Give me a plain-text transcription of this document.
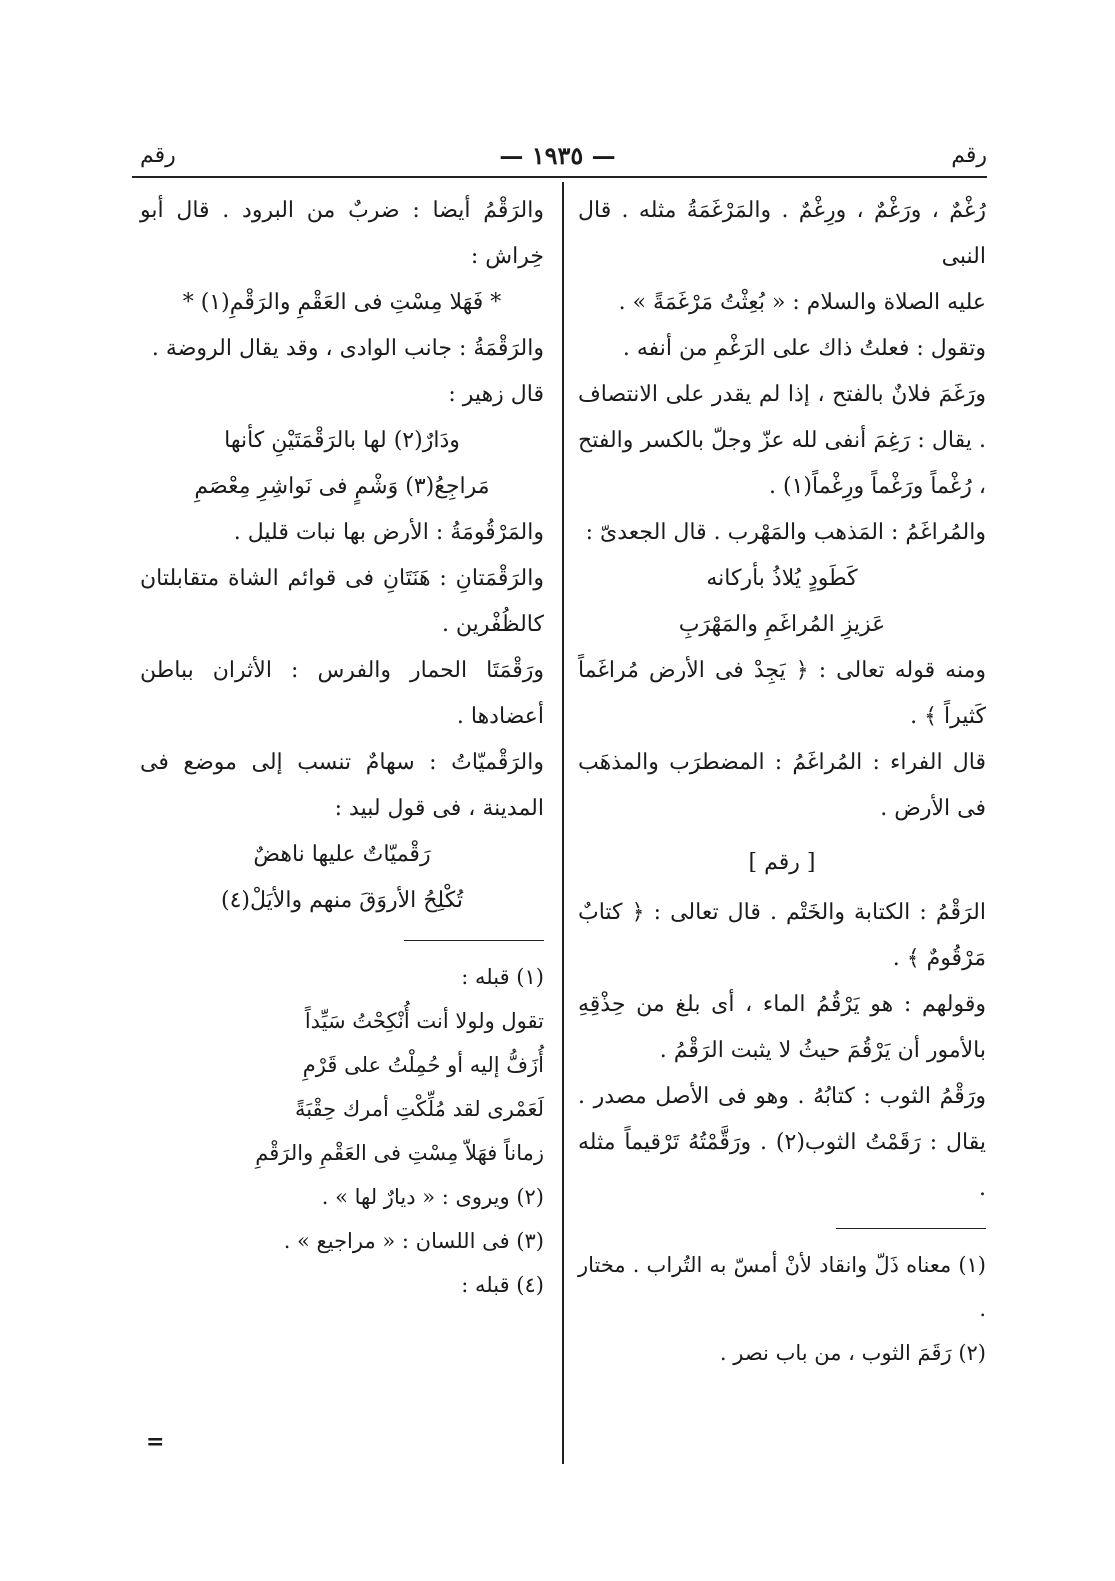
رقم
— ١٩٣٥ —
رقم

رُغْمٌ ، ورَغْمٌ ، ورِغْمٌ . والمَرْغَمَةُ مثله . قال النبى

عليه الصلاة والسلام : « بُعِثْتُ مَرْغَمَةً » .

وتقول : فعلتُ ذاك على الرَغْمِ من أنفه .

ورَغَمَ فلانٌ بالفتح ، إذا لم يقدر على الانتصاف . يقال : رَغِمَ أنفى لله عزّ وجلّ بالكسر والفتح ، رُغْماً ورَغْماً ورِغْماً(١) .

والمُراغَمُ : المَذهب والمَهْرب . قال الجعدىّ :

كَطَودٍ يُلاذُ بأركانه

عَزيزِ المُراغَمِ والمَهْرَبِ

ومنه قوله تعالى : ﴿ يَجِدْ فى الأرض مُراغَماً كَثيراً ﴾ .

قال الفراء : المُراغَمُ : المضطرَب والمذهَب فى الأرض .

[ رقم ]

الرَقْمُ : الكتابة والخَتْم . قال تعالى : ﴿ كتابٌ مَرْقُومٌ ﴾ .

وقولهم : هو يَرْقُمُ الماء ، أى بلغ من حِذْقِهِ بالأمور أن يَرْقُمَ حيثُ لا يثبت الرَقْمُ .

ورَقْمُ الثوب : كتابُهُ . وهو فى الأصل مصدر . يقال : رَقَمْتُ الثوب(٢) . ورَقَّمْتُهُ تَرْقيماً مثله .

(١) معناه ذَلّ وانقاد لأنْ أمسّ به التُراب . مختار .

(٢) رَقَمَ الثوب ، من باب نصر .

والرَقْمُ أيضا : ضربٌ من البرود . قال أبو خِراش :

* فَهَلا مِسْتِ فى العَقْمِ والرَقْمِ(١) *

والرَقْمَةُ : جانب الوادى ، وقد يقال الروضة .

قال زهير :

ودَارٌ(٢) لها بالرَقْمَتَيْنِ كأنها

مَراجِعُ(٣) وَشْمٍ فى نَواشِرِ مِعْصَمِ

والمَرْقُومَةُ : الأرض بها نبات قليل .

والرَقْمَتانِ : هَنَتَانِ فى قوائم الشاة متقابلتان كالظُفْرين .

ورَقْمَتَا الحمار والفرس : الأثران بباطن أعضادها .

والرَقْميّاتُ : سهامٌ تنسب إلى موضع فى المدينة ، فى قول لبيد :

رَقْميّاتٌ عليها ناهضٌ

تُكْلِحُ الأروَقَ منهم والأيَلْ(٤)

(١) قبله :

تقول ولولا أنت أُنْكِحْتُ سَيِّداً

أُزَفُّ إليه أو حُمِلْتُ على قَرْمِ

لَعَمْرى لقد مُلِّكْتِ أمرك حِقْبَةً

زماناً فهَلاّ مِسْتِ فى العَقْمِ والرَقْمِ

(٢) ويروى : « ديارٌ لها » .

(٣) فى اللسان : « مراجيع » .

(٤) قبله :

=
